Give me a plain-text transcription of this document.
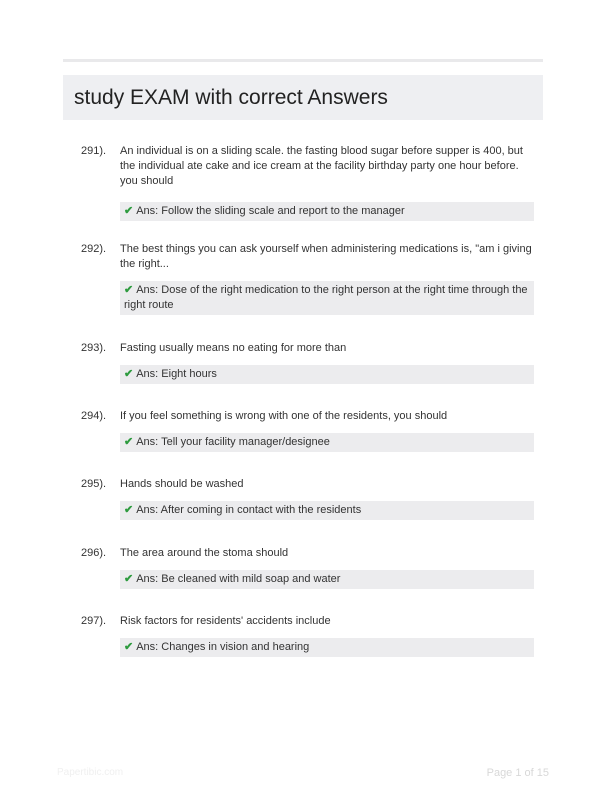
study EXAM with correct Answers
291).	An individual is on a sliding scale. the fasting blood sugar before supper is 400, but the individual ate cake and ice cream at the facility birthday party one hour before. you should
✔ Ans: Follow the sliding scale and report to the manager
292).	The best things you can ask yourself when administering medications is, "am i giving the right...
✔ Ans: Dose of the right medication to the right person at the right time through the right route
293).	Fasting usually means no eating for more than
✔ Ans: Eight hours
294).	If you feel something is wrong with one of the residents, you should
✔ Ans: Tell your facility manager/designee
295).	Hands should be washed
✔ Ans: After coming in contact with the residents
296).	The area around the stoma should
✔ Ans: Be cleaned with mild soap and water
297).	Risk factors for residents' accidents include
✔ Ans: Changes in vision and hearing
Papertibic.com	Page 1 of 15
